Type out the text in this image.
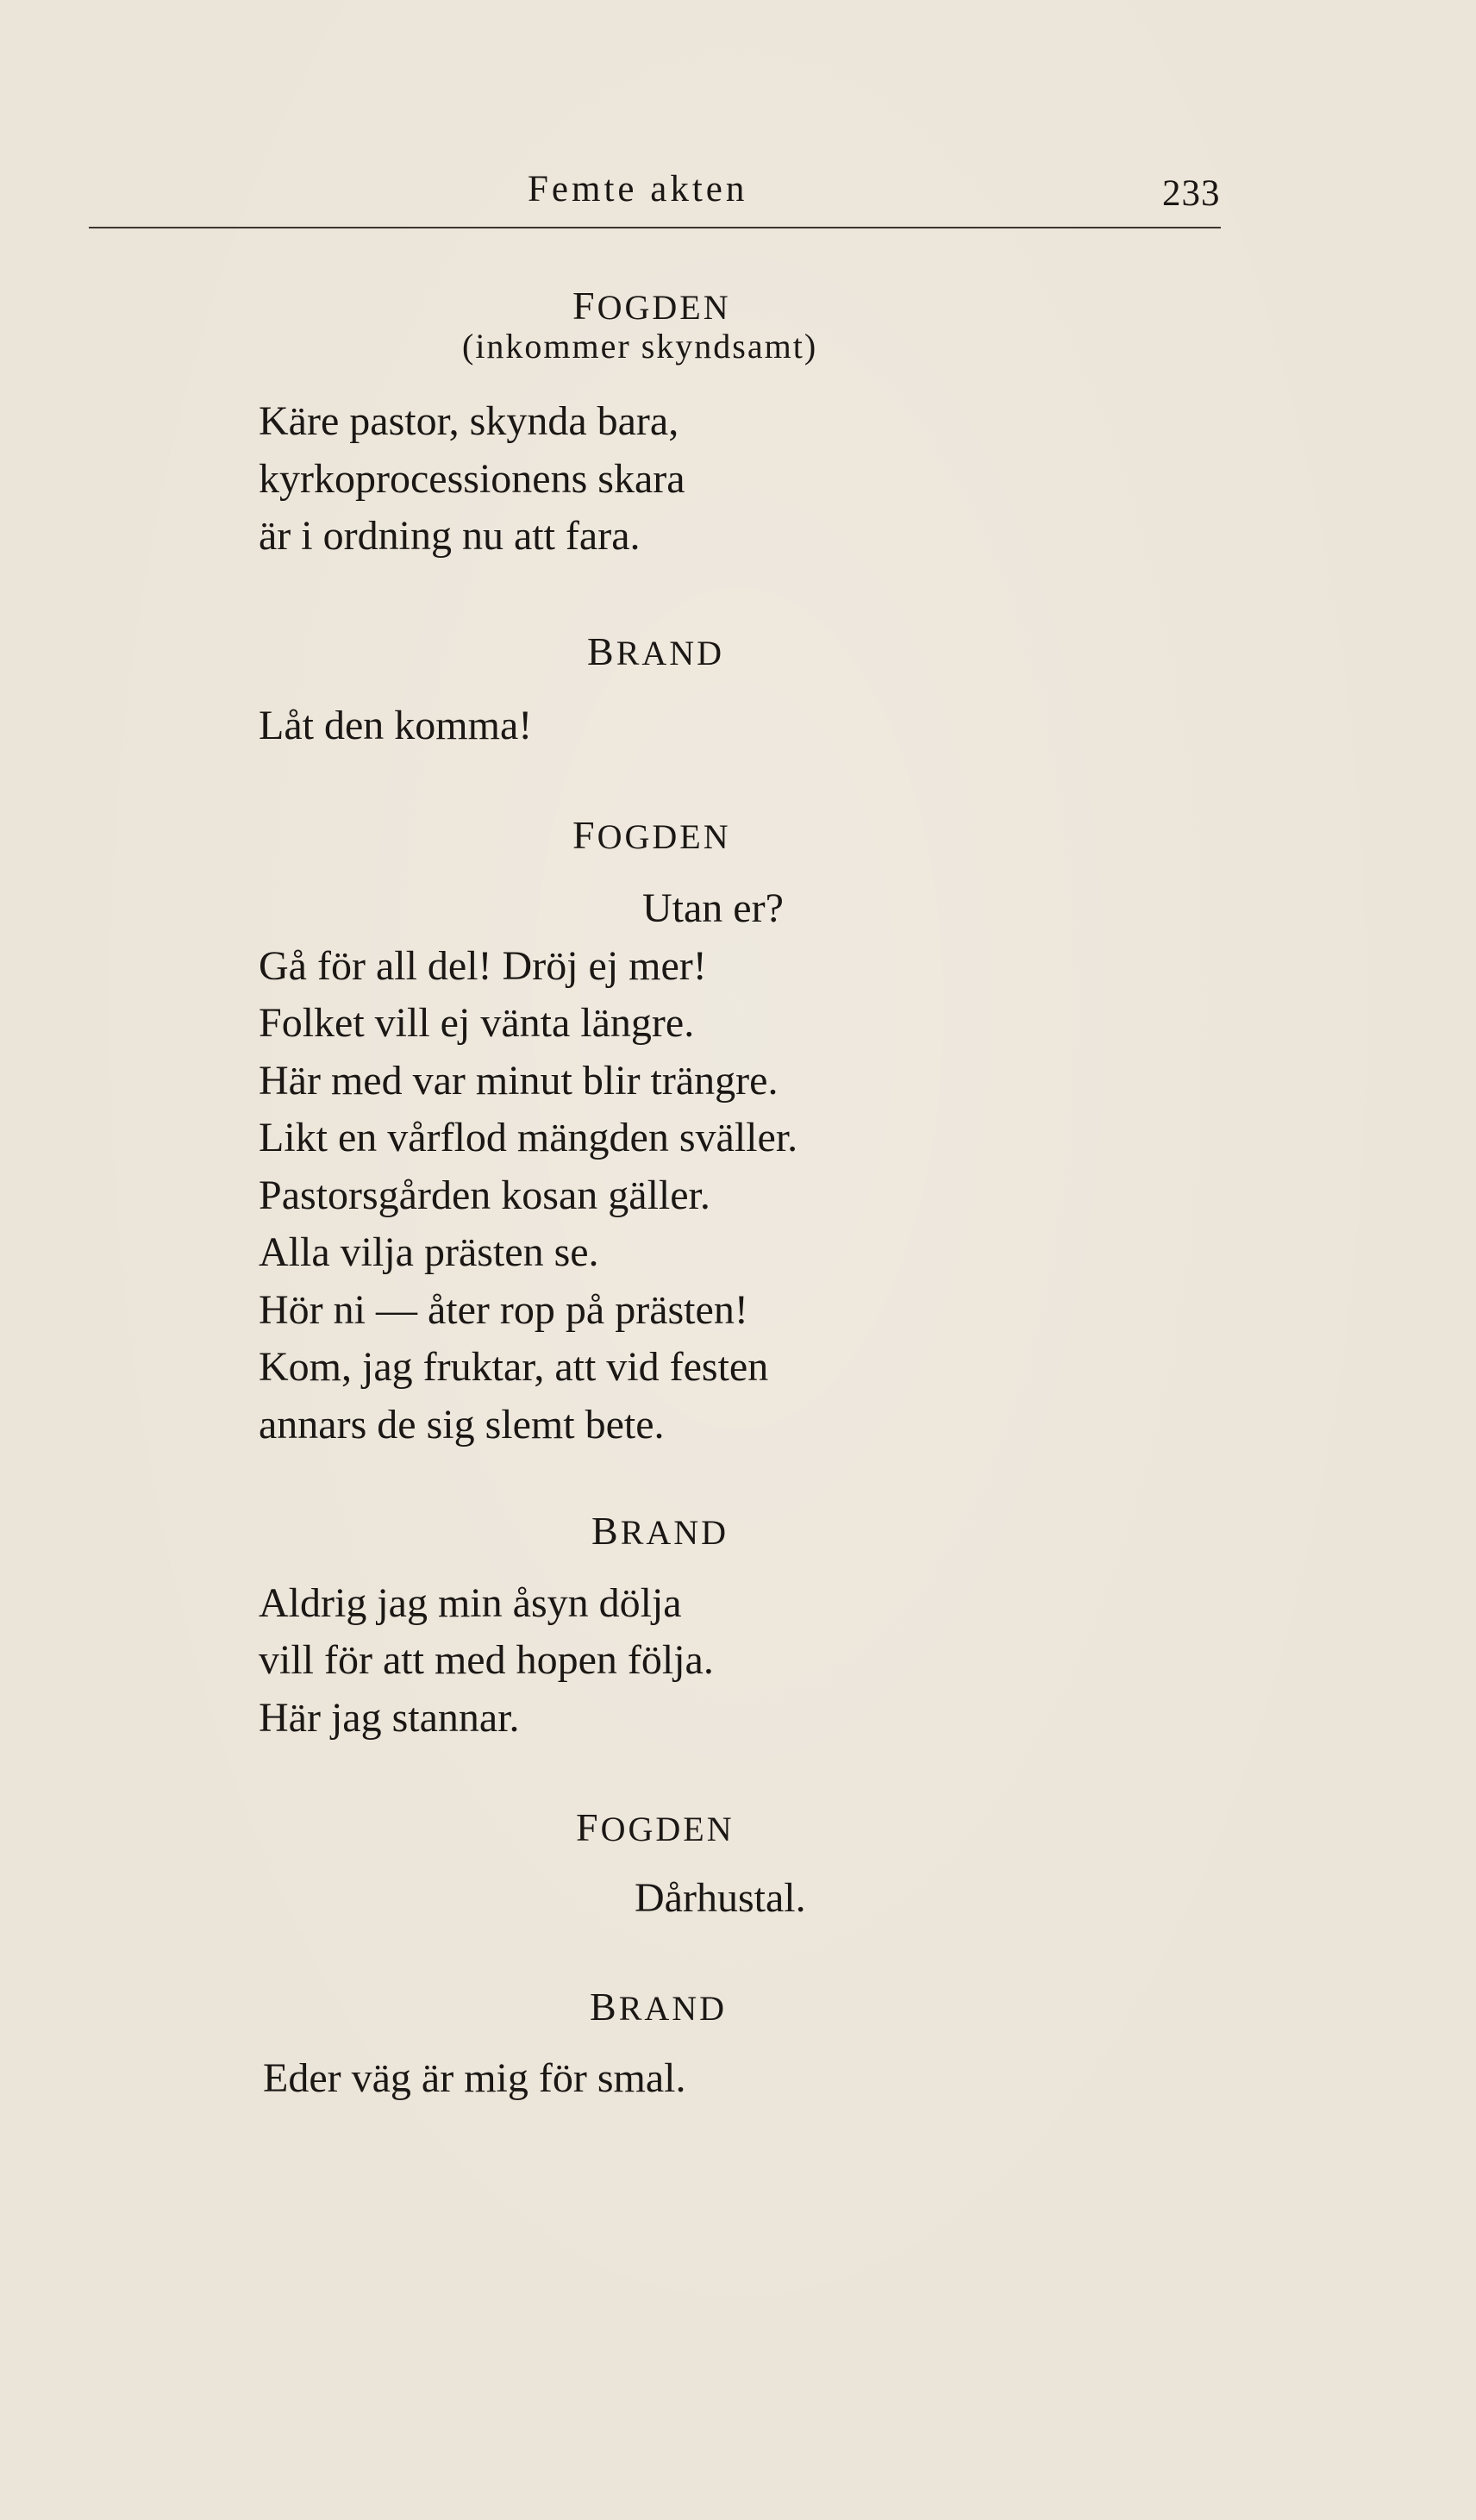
Femte akten	233
FOGDEN
(inkommer skyndsamt)
Käre pastor, skynda bara,
kyrkoprocessionens skara
är i ordning nu att fara.
BRAND
Låt den komma!
FOGDEN
Utan er?
Gå för all del! Dröj ej mer!
Folket vill ej vänta längre.
Här med var minut blir trängre.
Likt en vårflod mängden sväller.
Pastorsgården kosan gäller.
Alla vilja prästen se.
Hör ni — åter rop på prästen!
Kom, jag fruktar, att vid festen
annars de sig slemt bete.
BRAND
Aldrig jag min åsyn dölja
vill för att med hopen följa.
Här jag stannar.
FOGDEN
Dårhustal.
BRAND
Eder väg är mig för smal.
